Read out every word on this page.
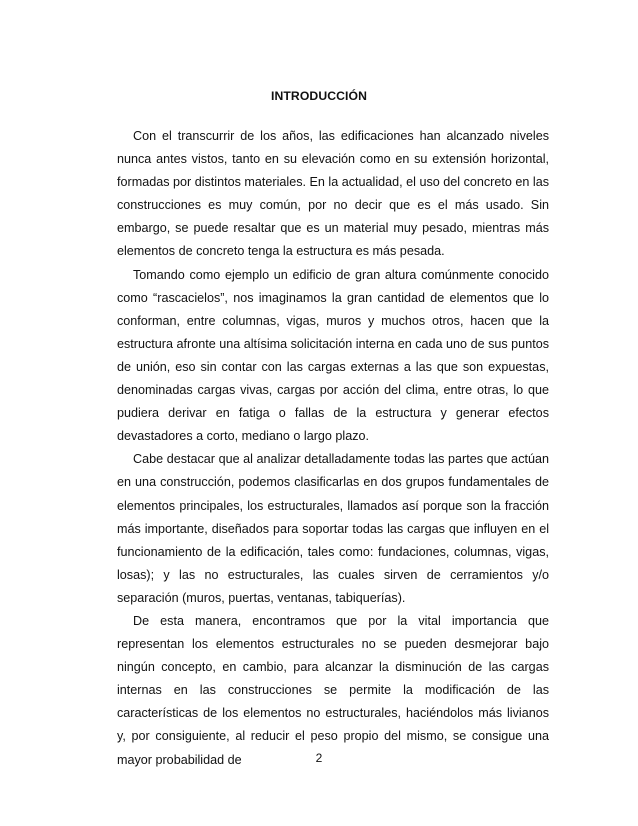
INTRODUCCIÓN

Con el transcurrir de los años, las edificaciones han alcanzado niveles nunca antes vistos, tanto en su elevación como en su extensión horizontal, formadas por distintos materiales. En la actualidad, el uso del concreto en las construcciones es muy común, por no decir que es el más usado. Sin embargo, se puede resaltar que es un material muy pesado, mientras más elementos de concreto tenga la estructura es más pesada.

Tomando como ejemplo un edificio de gran altura comúnmente conocido como “rascacielos”, nos imaginamos la gran cantidad de elementos que lo conforman, entre columnas, vigas, muros y muchos otros, hacen que la estructura afronte una altísima solicitación interna en cada uno de sus puntos de unión, eso sin contar con las cargas externas a las que son expuestas, denominadas cargas vivas, cargas por acción del clima, entre otras, lo que pudiera derivar en fatiga o fallas de la estructura y generar efectos devastadores a corto, mediano o largo plazo.

Cabe destacar que al analizar detalladamente todas las partes que actúan en una construcción, podemos clasificarlas en dos grupos fundamentales de elementos principales, los estructurales, llamados así porque son la fracción más importante, diseñados para soportar todas las cargas que influyen en el funcionamiento de la edificación, tales como: fundaciones, columnas, vigas, losas); y las no estructurales, las cuales sirven de cerramientos y/o separación (muros, puertas, ventanas, tabiquerías).

De esta manera, encontramos que por la vital importancia que representan los elementos estructurales no se pueden desmejorar bajo ningún concepto, en cambio, para alcanzar la disminución de las cargas internas en las construcciones se permite la modificación de las características de los elementos no estructurales, haciéndolos más livianos y, por consiguiente, al reducir el peso propio del mismo, se consigue una mayor probabilidad de	2
